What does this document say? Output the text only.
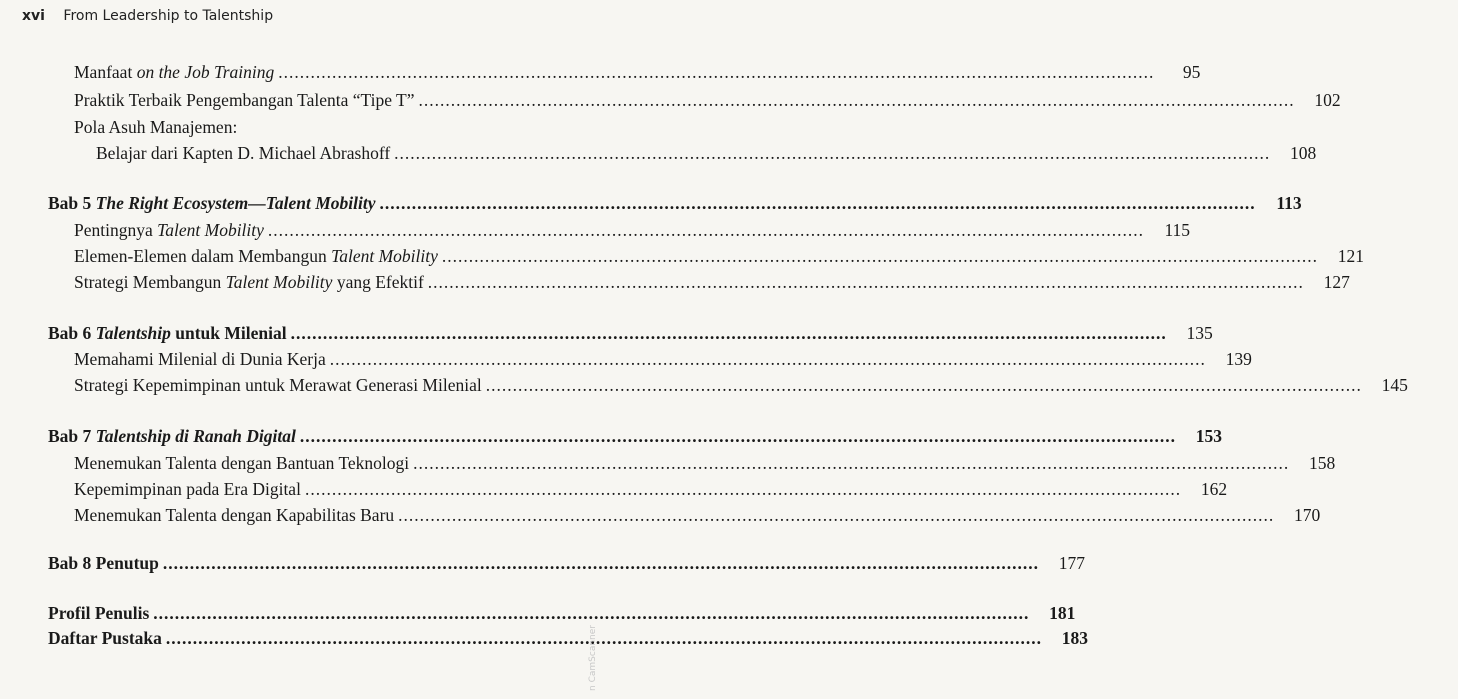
xvi From Leadership to Talentship
Manfaat on the Job Training .....	95
Praktik Terbaik Pengembangan Talenta “Tipe T” .....	102
Pola Asuh Manajemen:
Belajar dari Kapten D. Michael Abrashoff .....	108
Bab 5 The Right Ecosystem—Talent Mobility .....	113
Pentingnya Talent Mobility .....	115
Elemen-Elemen dalam Membangun Talent Mobility .....	121
Strategi Membangun Talent Mobility yang Efektif .....	127
Bab 6 Talentship untuk Milenial .....	135
Memahami Milenial di Dunia Kerja .....	139
Strategi Kepemimpinan untuk Merawat Generasi Milenial .....	145
Bab 7 Talentship di Ranah Digital .....	153
Menemukan Talenta dengan Bantuan Teknologi .....	158
Kepemimpinan pada Era Digital .....	162
Menemukan Talenta dengan Kapabilitas Baru .....	170
Bab 8 Penutup .....	177
Profil Penulis .....	181
Daftar Pustaka .....	183
n CamScanner
